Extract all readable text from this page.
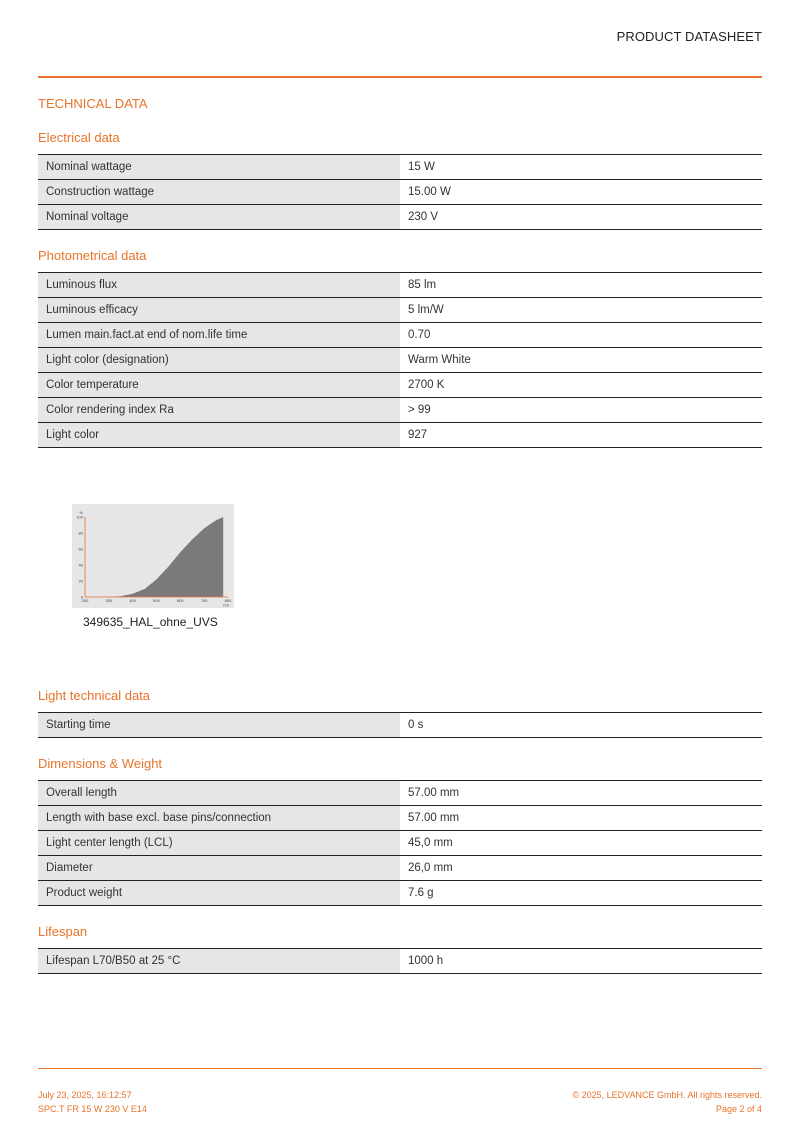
PRODUCT DATASHEET
TECHNICAL DATA
Electrical data
Nominal wattage	15 W
Construction wattage	15.00 W
Nominal voltage	230 V
Photometrical data
Luminous flux	85 lm
Luminous efficacy	5 lm/W
Lumen main.fact.at end of nom.life time	0.70
Light color (designation)	Warm White
Color temperature	2700 K
Color rendering index Ra	> 99
Light color	927
0
20
40
60
80
100
200	300	400	500	600	700	800
%
nm
349635_HAL_ohne_UVS
Light technical data
Starting time	0 s
Dimensions & Weight
Overall length	57.00 mm
Length with base excl. base pins/connection	57.00 mm
Light center length (LCL)	45,0 mm
Diameter	26,0 mm
Product weight	7.6 g
Lifespan
Lifespan L70/B50 at 25 °C	1000 h
July 23, 2025, 16:12:57
SPC.T FR 15 W 230 V E14
© 2025, LEDVANCE GmbH. All rights reserved.
Page 2 of 4
